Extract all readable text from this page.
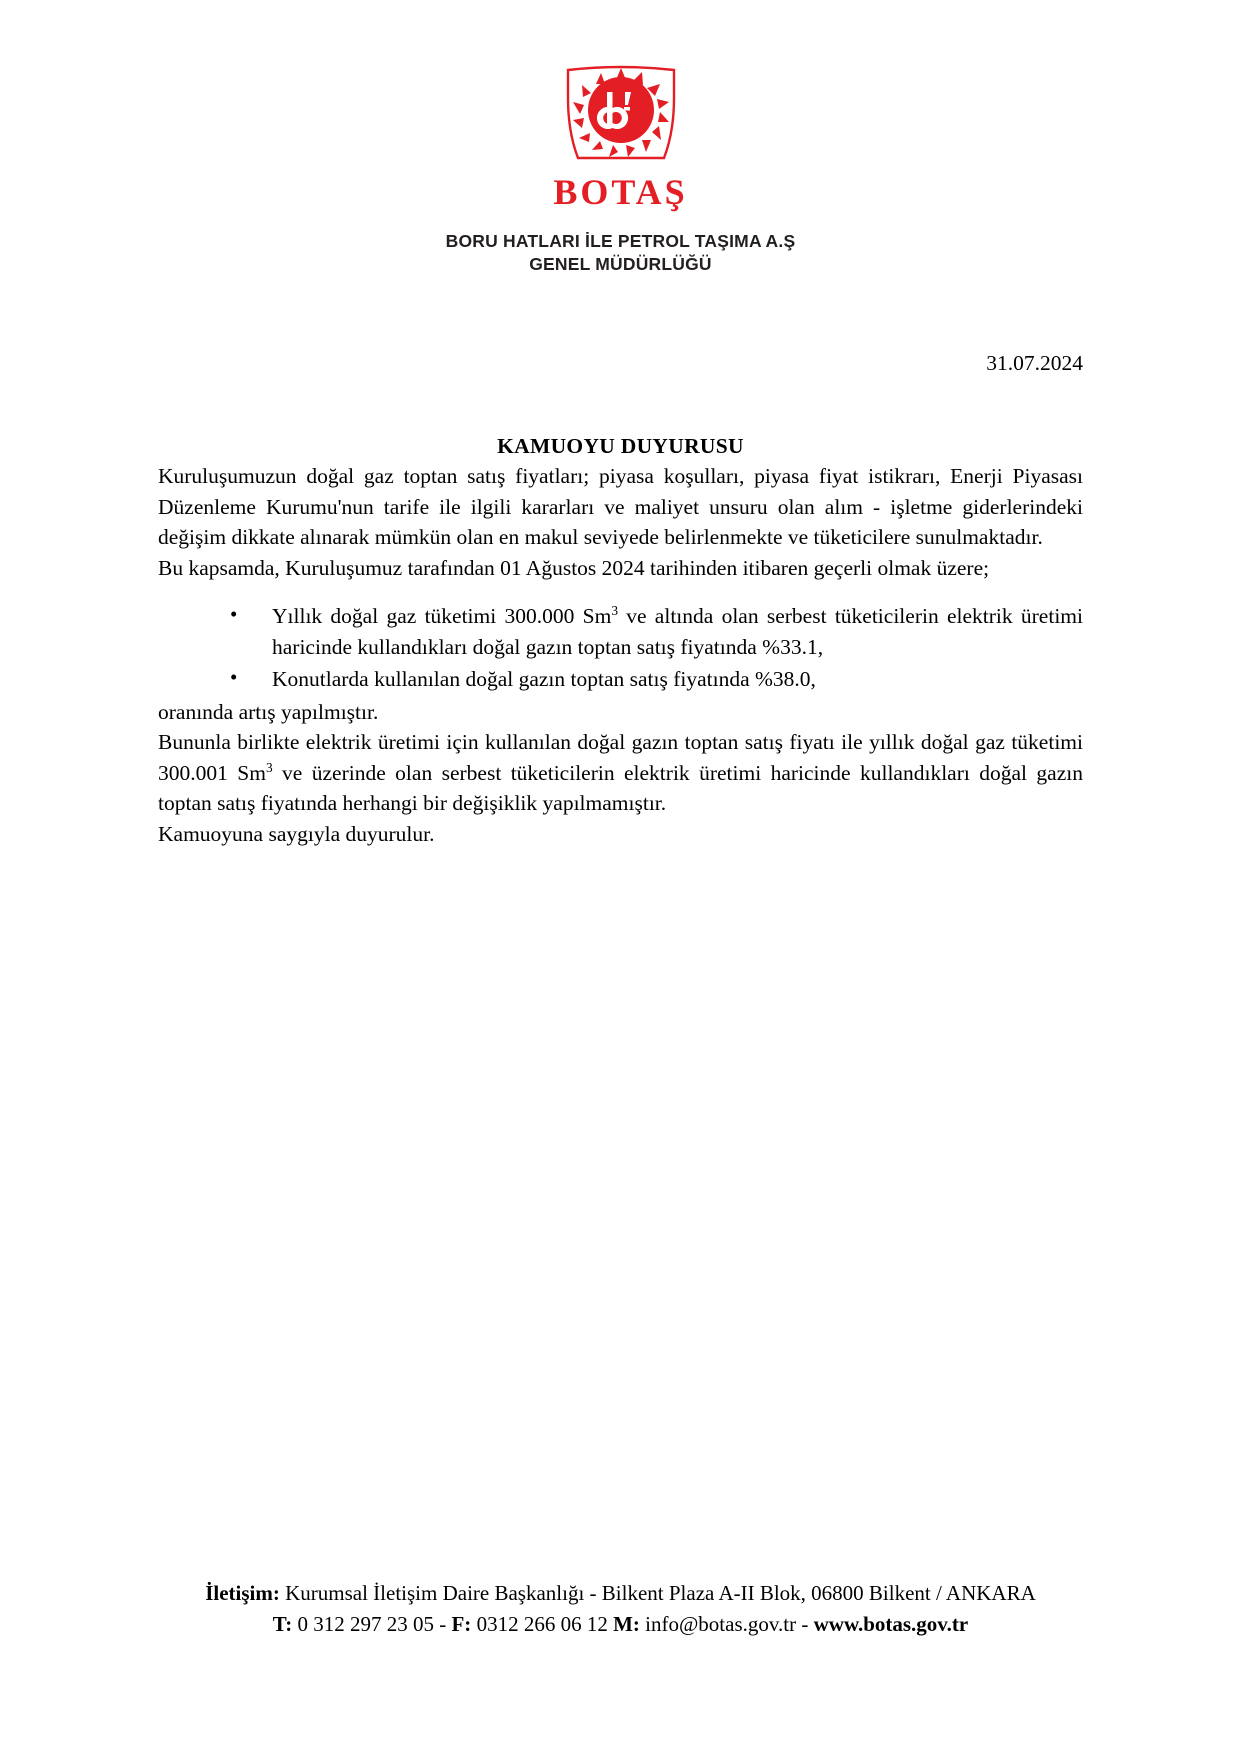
BOTAŞ
BORU HATLARI İLE PETROL TAŞIMA A.Ş
GENEL MÜDÜRLÜĞÜ
31.07.2024
KAMUOYU DUYURUSU

Kuruluşumuzun doğal gaz toptan satış fiyatları; piyasa koşulları, piyasa fiyat istikrarı, Enerji Piyasası Düzenleme Kurumu'nun tarife ile ilgili kararları ve maliyet unsuru olan alım - işletme giderlerindeki değişim dikkate alınarak mümkün olan en makul seviyede belirlenmekte ve tüketicilere sunulmaktadır.

Bu kapsamda, Kuruluşumuz tarafından 01 Ağustos 2024 tarihinden itibaren geçerli olmak üzere;

• Yıllık doğal gaz tüketimi 300.000 Sm$^3$ ve altında olan serbest tüketicilerin elektrik üretimi haricinde kullandıkları doğal gazın toptan satış fiyatında %33.1,
• Konutlarda kullanılan doğal gazın toptan satış fiyatında %38.0,

oranında artış yapılmıştır.

Bununla birlikte elektrik üretimi için kullanılan doğal gazın toptan satış fiyatı ile yıllık doğal gaz tüketimi 300.001 Sm$^3$ ve üzerinde olan serbest tüketicilerin elektrik üretimi haricinde kullandıkları doğal gazın toptan satış fiyatında herhangi bir değişiklik yapılmamıştır.

Kamuoyuna saygıyla duyurulur.

İletişim: Kurumsal İletişim Daire Başkanlığı - Bilkent Plaza A-II Blok, 06800 Bilkent / ANKARA
T: 0 312 297 23 05 - F: 0312 266 06 12 M: info@botas.gov.tr - www.botas.gov.tr
